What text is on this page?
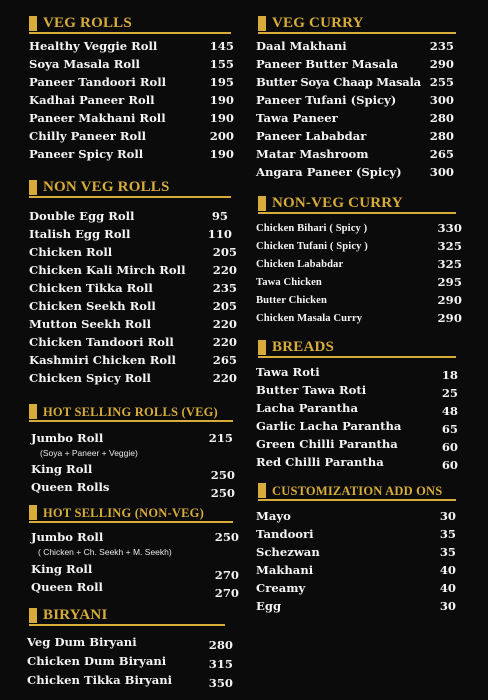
VEG ROLLS
Healthy Veggie Roll	145
Soya Masala Roll	155
Paneer Tandoori Roll	195
Kadhai Paneer Roll	190
Paneer Makhani Roll	190
Chilly Paneer Roll	200
Paneer Spicy Roll	190
NON VEG ROLLS
Double Egg Roll	95
Italish Egg Roll	110
Chicken Roll	205
Chicken Kali Mirch Roll 220
Chicken Tikka Roll	235
Chicken Seekh Roll	205
Mutton Seekh Roll	220
Chicken Tandoori Roll	220
Kashmiri Chicken Roll	265
Chicken Spicy Roll	220
HOT SELLING ROLLS (VEG)
Jumbo Roll	215
(Soya + Paneer + Veggie)
King Roll	250
Queen Rolls	250
HOT SELLING (NON-VEG)
Jumbo Roll	250
( Chicken + Ch. Seekh + M. Seekh)
King Roll	270
Queen Roll	270
BIRYANI
Veg Dum Biryani	280
Chicken Dum Biryani	315
Chicken Tikka Biryani	350
VEG CURRY
Daal Makhani	235
Paneer Butter Masala	290
Butter Soya Chaap Masala 255
Paneer Tufani (Spicy)	300
Tawa Paneer	280
Paneer Lababdar	280
Matar Mashroom	265
Angara Paneer (Spicy) 300
NON-VEG CURRY
Chicken Bihari ( Spicy )	330
Chicken Tufani ( Spicy )	325
Chicken Lababdar	325
Tawa Chicken	295
Butter Chicken	290
Chicken Masala Curry	290
BREADS
Tawa Roti	18
Butter Tawa Roti	25
Lacha Parantha	48
Garlic Lacha Parantha	65
Green Chilli Parantha	60
Red Chilli Parantha	60
CUSTOMIZATION ADD ONS
Mayo	30
Tandoori	35
Schezwan	35
Makhani	40
Creamy	40
Egg	30
